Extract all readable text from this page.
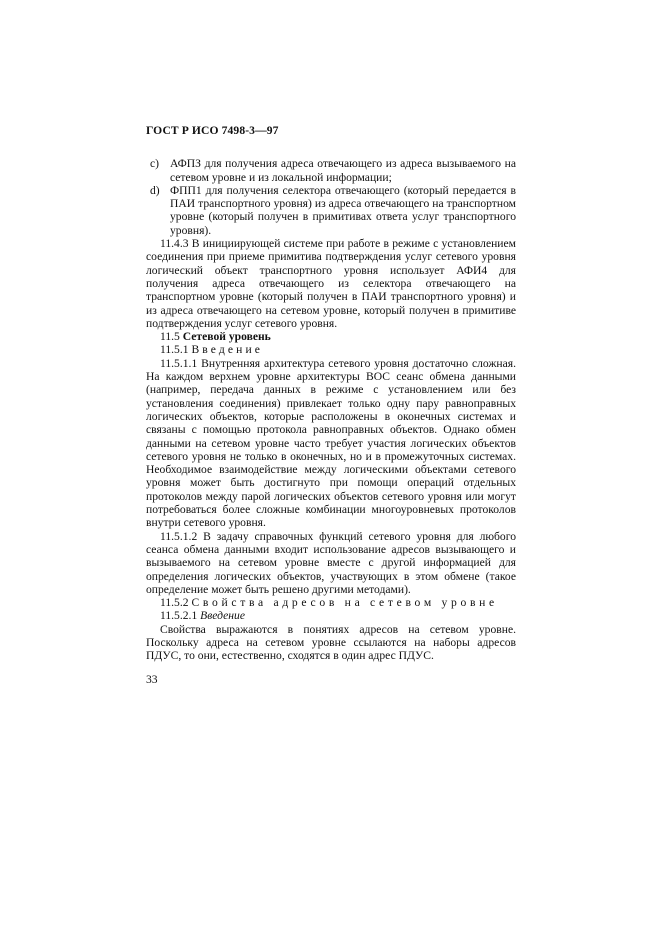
ГОСТ Р ИСО 7498-3—97
c) АФПЗ для получения адреса отвечающего из адреса вызываемого на сетевом уровне и из локальной информации;
d) ФПП1 для получения селектора отвечающего (который передается в ПАИ транспортного уровня) из адреса отвечающего на транспортном уровне (который получен в примитивах ответа услуг транспортного уровня).

11.4.3 В инициирующей системе при работе в режиме с установлением соединения при приеме примитива подтверждения услуг сетевого уровня логический объект транспортного уровня использует АФИ4 для получения адреса отвечающего из селектора отвечающего на транспортном уровне (который получен в ПАИ транспортного уровня) и из адреса отвечающего на сетевом уровне, который получен в примитиве подтверждения услуг сетевого уровня.

11.5 Сетевой уровень

11.5.1 Введение

11.5.1.1 Внутренняя архитектура сетевого уровня достаточно сложная. На каждом верхнем уровне архитектуры ВОС сеанс обмена данными (например, передача данных в режиме с установлением или без установления соединения) привлекает только одну пару равноправных логических объектов, которые расположены в оконечных системах и связаны с помощью протокола равноправных объектов. Однако обмен данными на сетевом уровне часто требует участия логических объектов сетевого уровня не только в оконечных, но и в промежуточных системах. Необходимое взаимодействие между логическими объектами сетевого уровня может быть достигнуто при помощи операций отдельных протоколов между парой логических объектов сетевого уровня или могут потребоваться более сложные комбинации многоуровневых протоколов внутри сетевого уровня.

11.5.1.2 В задачу справочных функций сетевого уровня для любого сеанса обмена данными входит использование адресов вызывающего и вызываемого на сетевом уровне вместе с другой информацией для определения логических объектов, участвующих в этом обмене (такое определение может быть решено другими методами).

11.5.2 Свойства адресов на сетевом уровне

11.5.2.1 Введение

Свойства выражаются в понятиях адресов на сетевом уровне. Поскольку адреса на сетевом уровне ссылаются на наборы адресов ПДУС, то они, естественно, сходятся в один адрес ПДУС.

33
